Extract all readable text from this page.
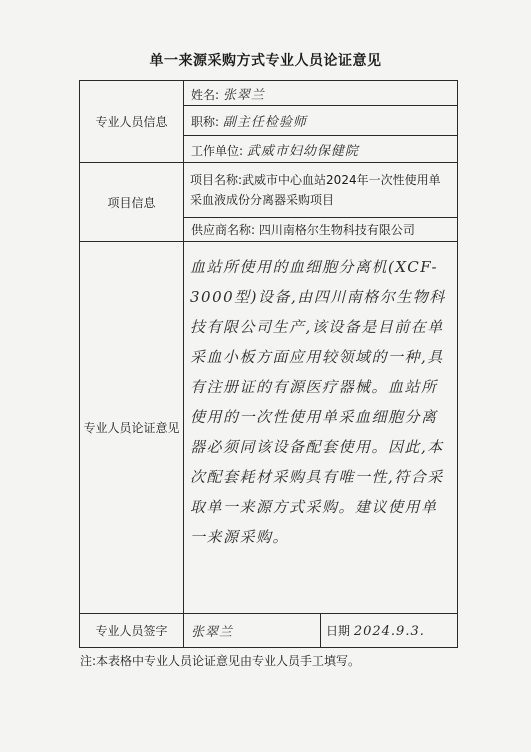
单一来源采购方式专业人员论证意见
专业人员信息	姓名: 张翠兰	
	职称: 副主任检验师	
	工作单位: 武威市妇幼保健院	
项目信息	项目名称:武威市中心血站2024年一次性使用单采血液成份分离器采购项目	
	供应商名称: 四川南格尔生物科技有限公司	
专业人员论证意见	血站所使用的血细胞分离机(XCF-3000型)设备,由四川南格尔生物科技有限公司生产,该设备是目前在单采血小板方面应用较领域的一种,具有注册证的有源医疗器械。血站所使用的一次性使用单采血细胞分离器必须同该设备配套使用。因此,本次配套耗材采购具有唯一性,符合采取单一来源方式采购。建议使用单一来源采购。	

专业人员签字	张翠兰	日期 2024.9.3.
注:本表格中专业人员论证意见由专业人员手工填写。
